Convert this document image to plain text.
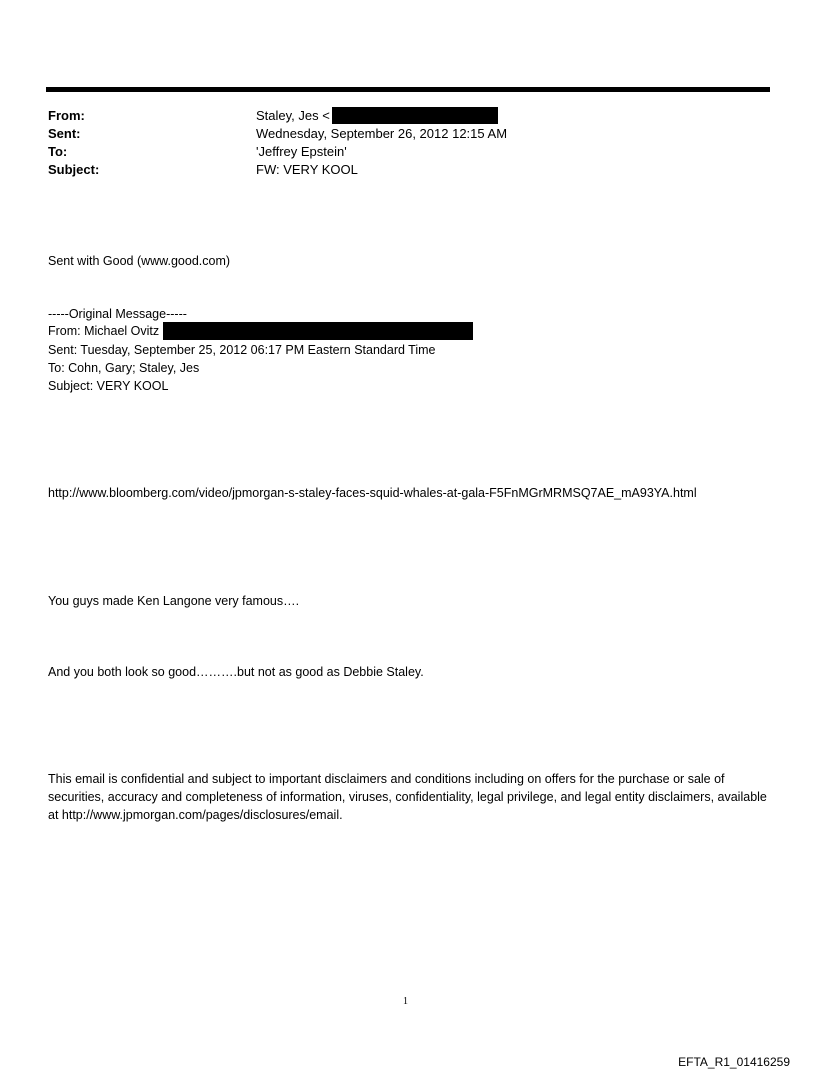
From:	Staley, Jes <
Sent:	Wednesday, September 26, 2012 12:15 AM
To:	'Jeffrey Epstein'
Subject:	FW: VERY KOOL
Sent with Good (www.good.com)
-----Original Message-----
From: Michael Ovitz
Sent: Tuesday, September 25, 2012 06:17 PM Eastern Standard Time
To: Cohn, Gary; Staley, Jes
Subject: VERY KOOL
http://www.bloomberg.com/video/jpmorgan-s-staley-faces-squid-whales-at-gala-F5FnMGrMRMSQ7AE_mA93YA.html
You guys made Ken Langone very famous….
And you both look so good……….but not as good as Debbie Staley.
This email is confidential and subject to important disclaimers and conditions including on offers for the purchase or sale of securities, accuracy and completeness of information, viruses, confidentiality, legal privilege, and legal entity disclaimers, available at http://www.jpmorgan.com/pages/disclosures/email.
1
EFTA_R1_01416259
